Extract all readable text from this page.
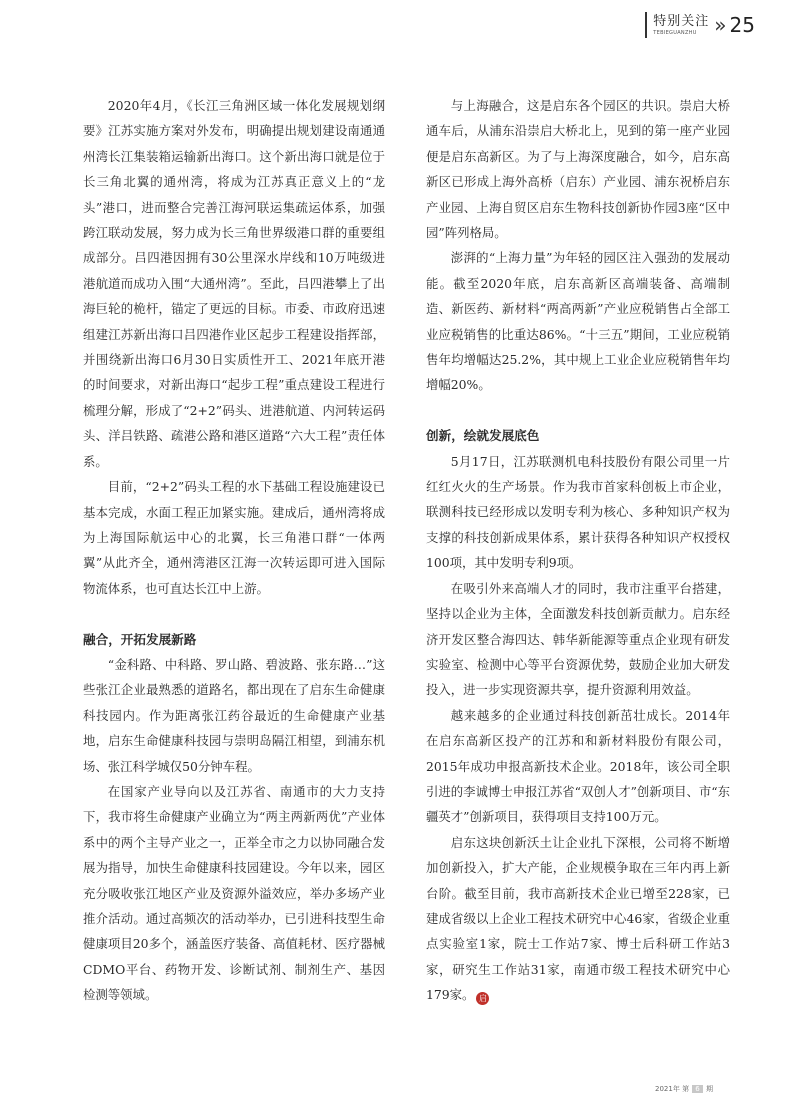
特别关注
TEBIEGUANZHU » 25

2020年4月，《长江三角洲区域一体化发展规划纲要》江苏实施方案对外发布，明确提出规划建设南通通州湾长江集装箱运输新出海口。这个新出海口就是位于长三角北翼的通州湾，将成为江苏真正意义上的“龙头”港口，进而整合完善江海河联运集疏运体系，加强跨江联动发展，努力成为长三角世界级港口群的重要组成部分。吕四港因拥有30公里深水岸线和10万吨级进港航道而成功入围“大通州湾”。至此，吕四港攀上了出海巨轮的桅杆，锚定了更远的目标。市委、市政府迅速组建江苏新出海口吕四港作业区起步工程建设指挥部，并围绕新出海口6月30日实质性开工、2021年底开港的时间要求，对新出海口“起步工程”重点建设工程进行梳理分解，形成了“2+2”码头、进港航道、内河转运码头、洋吕铁路、疏港公路和港区道路“六大工程”责任体系。

目前，“2+2”码头工程的水下基础工程设施建设已基本完成，水面工程正加紧实施。建成后，通州湾将成为上海国际航运中心的北翼，长三角港口群“一体两翼”从此齐全，通州湾港区江海一次转运即可进入国际物流体系，也可直达长江中上游。

融合，开拓发展新路

“金科路、中科路、罗山路、碧波路、张东路…”这些张江企业最熟悉的道路名，都出现在了启东生命健康科技园内。作为距离张江药谷最近的生命健康产业基地，启东生命健康科技园与崇明岛隔江相望，到浦东机场、张江科学城仅50分钟车程。

在国家产业导向以及江苏省、南通市的大力支持下，我市将生命健康产业确立为“两主两新两优”产业体系中的两个主导产业之一，正举全市之力以协同融合发展为指导，加快生命健康科技园建设。今年以来，园区充分吸收张江地区产业及资源外溢效应，举办多场产业推介活动。通过高频次的活动举办，已引进科技型生命健康项目20多个，涵盖医疗装备、高值耗材、医疗器械CDMO平台、药物开发、诊断试剂、制剂生产、基因检测等领域。

与上海融合，这是启东各个园区的共识。崇启大桥通车后，从浦东沿崇启大桥北上，见到的第一座产业园便是启东高新区。为了与上海深度融合，如今，启东高新区已形成上海外高桥（启东）产业园、浦东祝桥启东产业园、上海自贸区启东生物科技创新协作园3座“区中园”阵列格局。

澎湃的“上海力量”为年轻的园区注入强劲的发展动能。截至2020年底，启东高新区高端装备、高端制造、新医药、新材料“两高两新”产业应税销售占全部工业应税销售的比重达86%。“十三五”期间，工业应税销售年均增幅达25.2%，其中规上工业企业应税销售年均增幅20%。

创新，绘就发展底色

5月17日，江苏联测机电科技股份有限公司里一片红红火火的生产场景。作为我市首家科创板上市企业，联测科技已经形成以发明专利为核心、多种知识产权为支撑的科技创新成果体系，累计获得各种知识产权授权100项，其中发明专利9项。

在吸引外来高端人才的同时，我市注重平台搭建，坚持以企业为主体，全面激发科技创新贡献力。启东经济开发区整合海四达、韩华新能源等重点企业现有研发实验室、检测中心等平台资源优势，鼓励企业加大研发投入，进一步实现资源共享，提升资源利用效益。

越来越多的企业通过科技创新茁壮成长。2014年在启东高新区投产的江苏和和新材料股份有限公司，2015年成功申报高新技术企业。2018年，该公司全职引进的李诚博士申报江苏省“双创人才”创新项目、市“东疆英才”创新项目，获得项目支持100万元。

启东这块创新沃土让企业扎下深根，公司将不断增加创新投入，扩大产能，企业规模争取在三年内再上新台阶。截至目前，我市高新技术企业已增至228家，已建成省级以上企业工程技术研究中心46家，省级企业重点实验室1家，院士工作站7家、博士后科研工作站3家，研究生工作站31家，南通市级工程技术研究中心179家。 启

2021年 第 6 期
